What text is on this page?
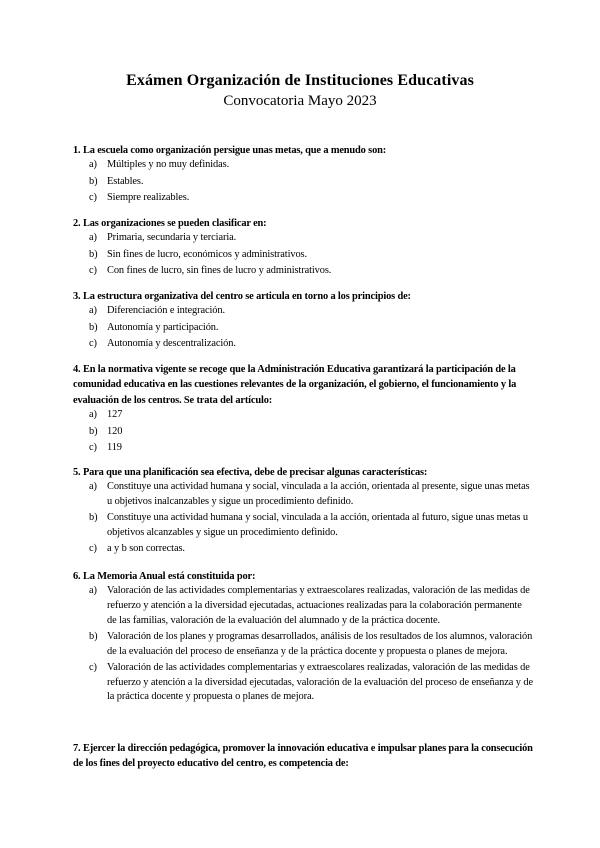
Exámen Organización de Instituciones Educativas
Convocatoria Mayo 2023
1. La escuela como organización persigue unas metas, que a menudo son:
a) Múltiples y no muy definidas.
b) Estables.
c) Siempre realizables.
2. Las organizaciones se pueden clasificar en:
a) Primaria, secundaria y terciaria.
b) Sin fines de lucro, económicos y administrativos.
c) Con fines de lucro, sin fines de lucro y administrativos.
3. La estructura organizativa del centro se articula en torno a los principios de:
a) Diferenciación e integración.
b) Autonomía y participación.
c) Autonomía y descentralización.
4. En la normativa vigente se recoge que la Administración Educativa garantizará la participación de la comunidad educativa en las cuestiones relevantes de la organización, el gobierno, el funcionamiento y la evaluación de los centros. Se trata del artículo:
a) 127
b) 120
c) 119
5. Para que una planificación sea efectiva, debe de precisar algunas características:
a) Constituye una actividad humana y social, vinculada a la acción, orientada al presente, sigue unas metas u objetivos inalcanzables y sigue un procedimiento definido.
b) Constituye una actividad humana y social, vinculada a la acción, orientada al futuro, sigue unas metas u objetivos alcanzables y sigue un procedimiento definido.
c) a y b son correctas.
6. La Memoria Anual está constituida por:
a) Valoración de las actividades complementarias y extraescolares realizadas, valoración de las medidas de refuerzo y atención a la diversidad ejecutadas, actuaciones realizadas para la colaboración permanente de las familias, valoración de la evaluación del alumnado y de la práctica docente.
b) Valoración de los planes y programas desarrollados, análisis de los resultados de los alumnos, valoración de la evaluación del proceso de enseñanza y de la práctica docente y propuesta o planes de mejora.
c) Valoración de las actividades complementarias y extraescolares realizadas, valoración de las medidas de refuerzo y atención a la diversidad ejecutadas, valoración de la evaluación del proceso de enseñanza y de la práctica docente y propuesta o planes de mejora.
7. Ejercer la dirección pedagógica, promover la innovación educativa e impulsar planes para la consecución de los fines del proyecto educativo del centro, es competencia de:
